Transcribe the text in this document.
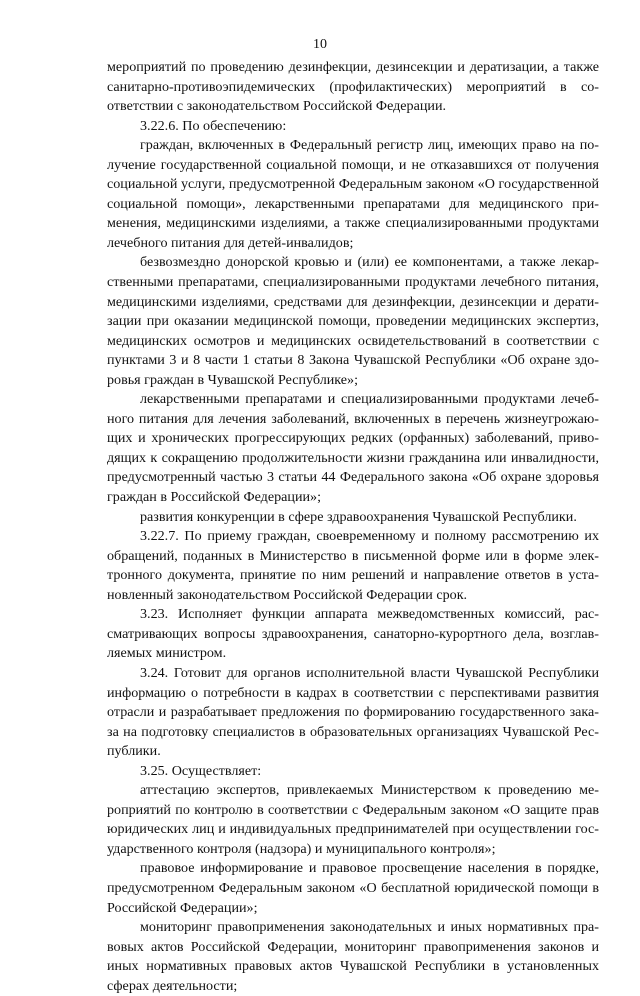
10

мероприятий по проведению дезинфекции, дезинсекции и дератизации, а также санитарно-противоэпидемических (профилактических) мероприятий в соответствии с законодательством Российской Федерации.

3.22.6. По обеспечению:

граждан, включенных в Федеральный регистр лиц, имеющих право на получение государственной социальной помощи, и не отказавшихся от получения социальной услуги, предусмотренной Федеральным законом «О государственной социальной помощи», лекарственными препаратами для медицинского применения, медицинскими изделиями, а также специализированными продуктами лечебного питания для детей-инвалидов;

безвозмездно донорской кровью и (или) ее компонентами, а также лекарственными препаратами, специализированными продуктами лечебного питания, медицинскими изделиями, средствами для дезинфекции, дезинсекции и дератизации при оказании медицинской помощи, проведении медицинских экспертиз, медицинских осмотров и медицинских освидетельствований в соответствии с пунктами 3 и 8 части 1 статьи 8 Закона Чувашской Республики «Об охране здоровья граждан в Чувашской Республике»;

лекарственными препаратами и специализированными продуктами лечебного питания для лечения заболеваний, включенных в перечень жизнеугрожающих и хронических прогрессирующих редких (орфанных) заболеваний, приводящих к сокращению продолжительности жизни гражданина или инвалидности, предусмотренный частью 3 статьи 44 Федерального закона «Об охране здоровья граждан в Российской Федерации»;

развития конкуренции в сфере здравоохранения Чувашской Республики.

3.22.7. По приему граждан, своевременному и полному рассмотрению их обращений, поданных в Министерство в письменной форме или в форме электронного документа, принятие по ним решений и направление ответов в установленный законодательством Российской Федерации срок.

3.23. Исполняет функции аппарата межведомственных комиссий, рассматривающих вопросы здравоохранения, санаторно-курортного дела, возглавляемых министром.

3.24. Готовит для органов исполнительной власти Чувашской Республики информацию о потребности в кадрах в соответствии с перспективами развития отрасли и разрабатывает предложения по формированию государственного заказа на подготовку специалистов в образовательных организациях Чувашской Республики.

3.25. Осуществляет:

аттестацию экспертов, привлекаемых Министерством к проведению мероприятий по контролю в соответствии с Федеральным законом «О защите прав юридических лиц и индивидуальных предпринимателей при осуществлении государственного контроля (надзора) и муниципального контроля»;

правовое информирование и правовое просвещение населения в порядке, предусмотренном Федеральным законом «О бесплатной юридической помощи в Российской Федерации»;

мониторинг правоприменения законодательных и иных нормативных правовых актов Российской Федерации, мониторинг правоприменения законов и иных нормативных правовых актов Чувашской Республики в установленных сферах деятельности;
